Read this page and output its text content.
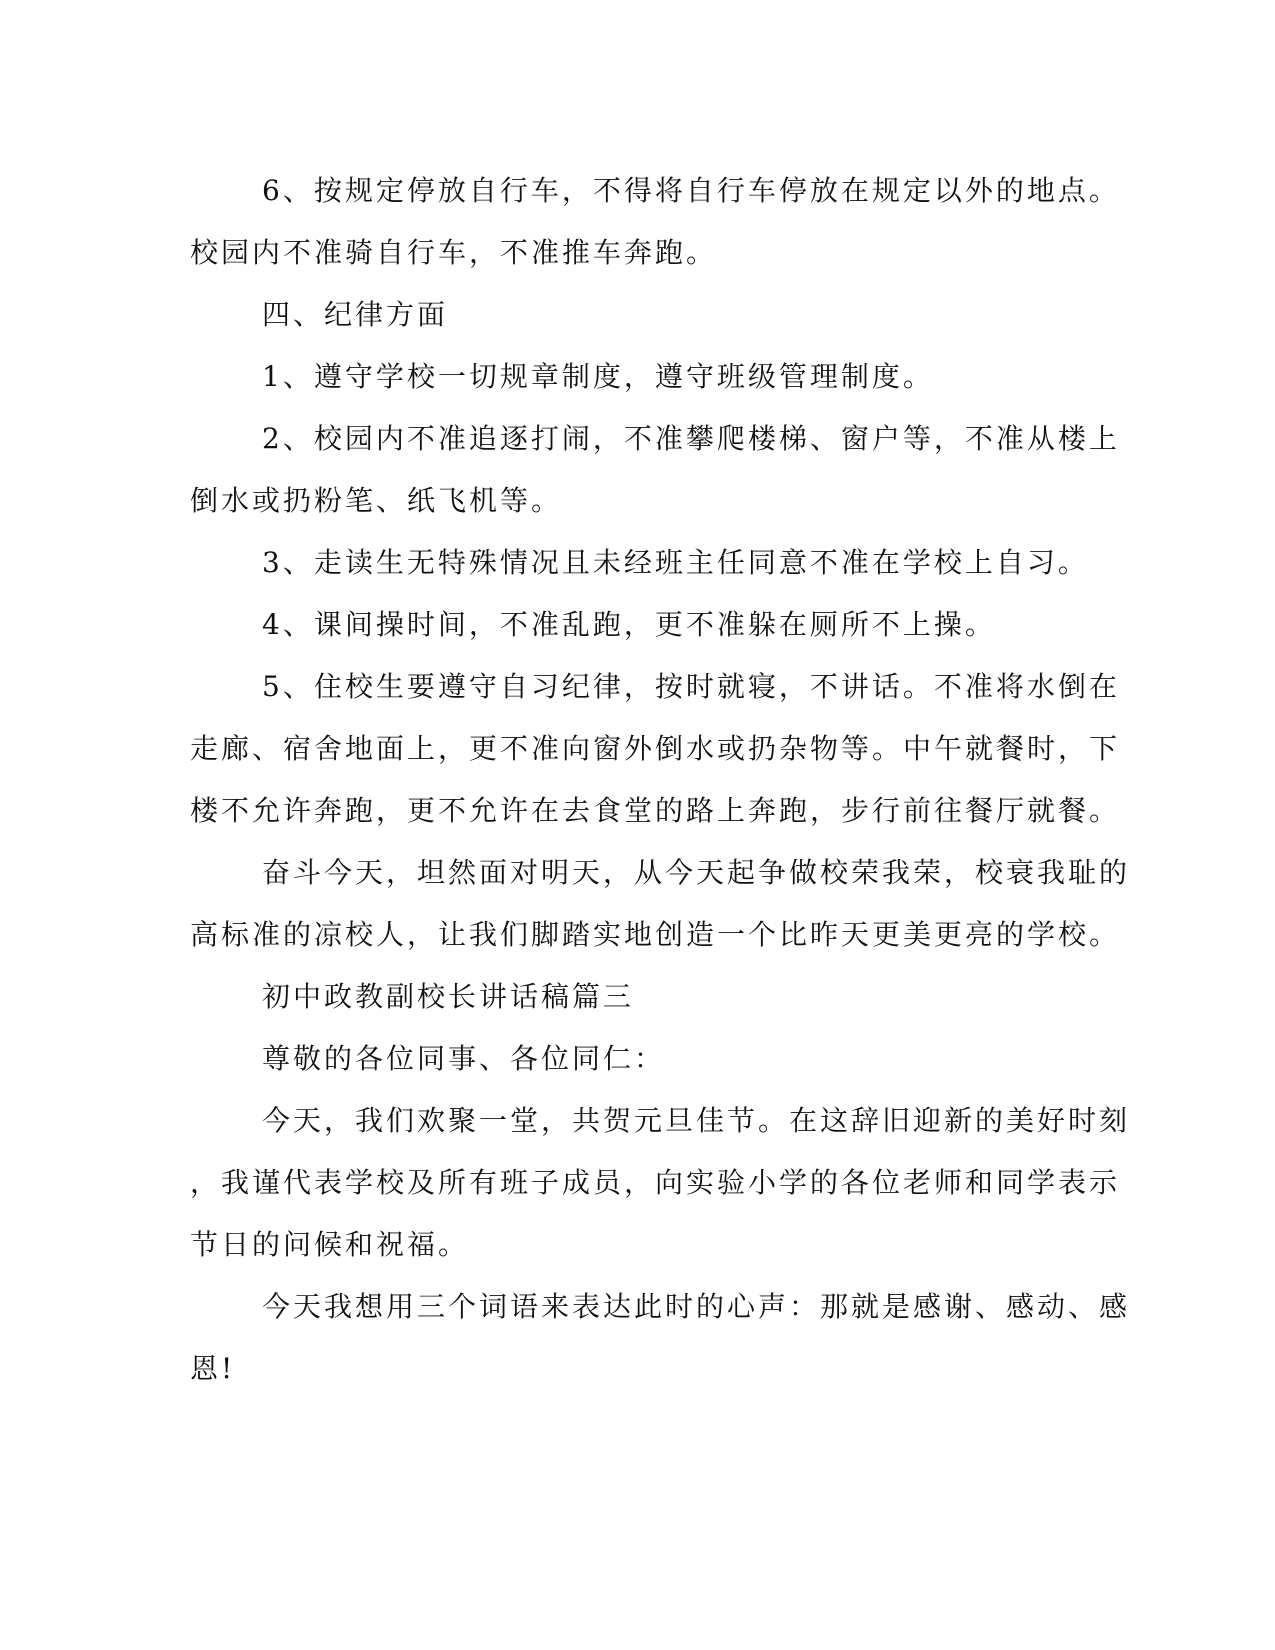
6、按规定停放自行车，不得将自行车停放在规定以外的地点。
校园内不准骑自行车，不准推车奔跑。
四、纪律方面
1、遵守学校一切规章制度，遵守班级管理制度。
2、校园内不准追逐打闹，不准攀爬楼梯、窗户等，不准从楼上
倒水或扔粉笔、纸飞机等。
3、走读生无特殊情况且未经班主任同意不准在学校上自习。
4、课间操时间，不准乱跑，更不准躲在厕所不上操。
5、住校生要遵守自习纪律，按时就寝，不讲话。不准将水倒在
走廊、宿舍地面上，更不准向窗外倒水或扔杂物等。中午就餐时，下
楼不允许奔跑，更不允许在去食堂的路上奔跑，步行前往餐厅就餐。
奋斗今天，坦然面对明天，从今天起争做校荣我荣，校衰我耻的
高标准的凉校人，让我们脚踏实地创造一个比昨天更美更亮的学校。
初中政教副校长讲话稿篇三
尊敬的各位同事、各位同仁：
今天，我们欢聚一堂，共贺元旦佳节。在这辞旧迎新的美好时刻
，我谨代表学校及所有班子成员，向实验小学的各位老师和同学表示
节日的问候和祝福。
今天我想用三个词语来表达此时的心声：那就是感谢、感动、感
恩!
